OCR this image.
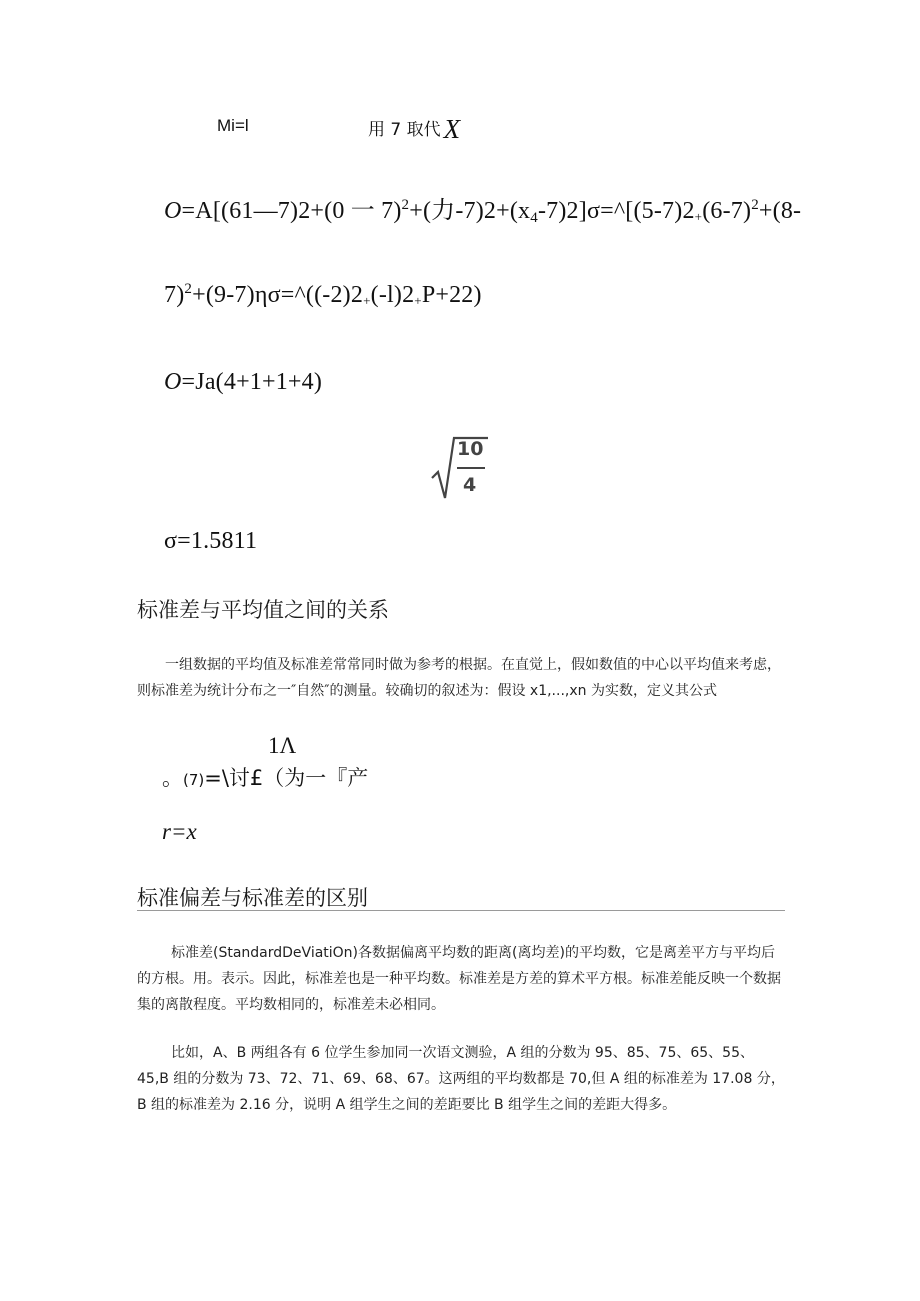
Mi=l	用 7 取代 X
O=A[(61—7)2+(0 一 7)$^2$+(力$-7)2+(x_4-7)2]\sigma=\^{}[(5-7)2+(6-7)^2+(8-$
7)$^2$+(9-7)ησ=^((-2)2+(-l)2+P+22)
O=Ja(4+1+1+4)
10
4
σ=1.5811
标准差与平均值之间的关系

一组数据的平均值及标准差常常同时做为参考的根据。在直觉上，假如数值的中心以平均值来考虑，则标准差为统计分布之一″自然″的测量。较确切的叙述为：假设 x1,...,xn 为实数，定义其公式

1Λ
。(7)=\讨£（为一『产
r=x
标准偏差与标准差的区别

标准差(StandardDeViatiOn)各数据偏离平均数的距离(离均差)的平均数，它是离差平方与平均后的方根。用。表示。因此，标准差也是一种平均数。标准差是方差的算术平方根。标准差能反映一个数据集的离散程度。平均数相同的，标准差未必相同。

比如，A、B 两组各有 6 位学生参加同一次语文测验，A 组的分数为 95、85、75、65、55、45,B 组的分数为 73、72、71、69、68、67。这两组的平均数都是 70,但 A 组的标准差为 17.08 分，B 组的标准差为 2.16 分，说明 A 组学生之间的差距要比 B 组学生之间的差距大得多。
